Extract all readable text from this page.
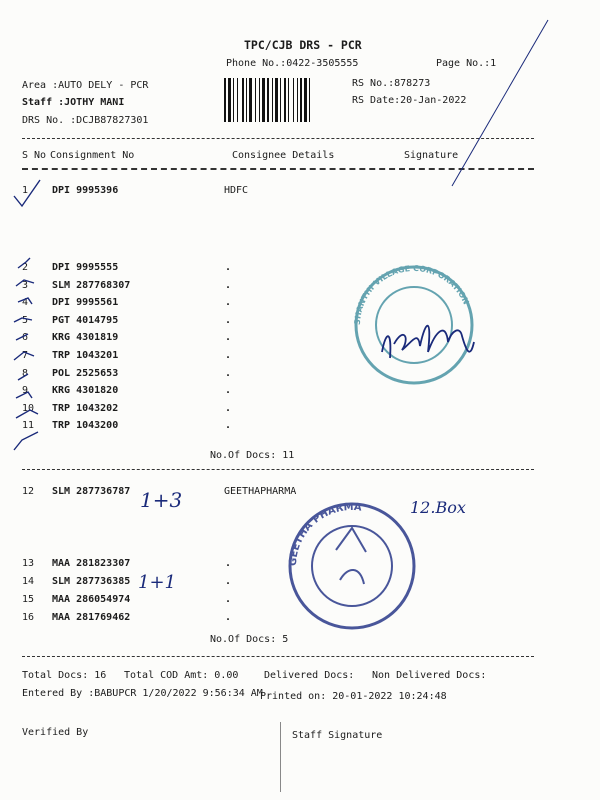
TPC/CJB DRS - PCR
Phone No.:0422-3505555	Page No.:1
Area :AUTO DELY - PCR
Staff :JOTHY MANI
DRS No. :DCJB87827301
RS No.:878273
RS Date:20-Jan-2022
S No Consignment No	Consignee Details	Signature
1 DPI 9995396	HDFC
2 DPI 9995555	.
3 SLM 287768307	.
4 DPI 9995561	.
5 PGT 4014795	.
6 KRG 4301819	.
7 TRP 1043201	.
8 POL 2525653	.
9 KRG 4301820	.
10 TRP 1043202	.
11 TRP 1043200	.
No.Of Docs: 11
12 SLM 287736787	GEETHAPHARMA
13 MAA 281823307	.
14 SLM 287736385	.
15 MAA 286054974	.
16 MAA 281769462	.
No.Of Docs: 5
Total Docs: 16 Total COD Amt: 0.00	Delivered Docs: Non Delivered Docs:
Entered By :BABUPCR 1/20/2022 9:56:34 AM
Printed on: 20-01-2022 10:24:48
Verified By	Staff Signature
1+3	12.Box
1+1
SHANTHI VILLAGE CORPORATION
GEETHA PHARMA
